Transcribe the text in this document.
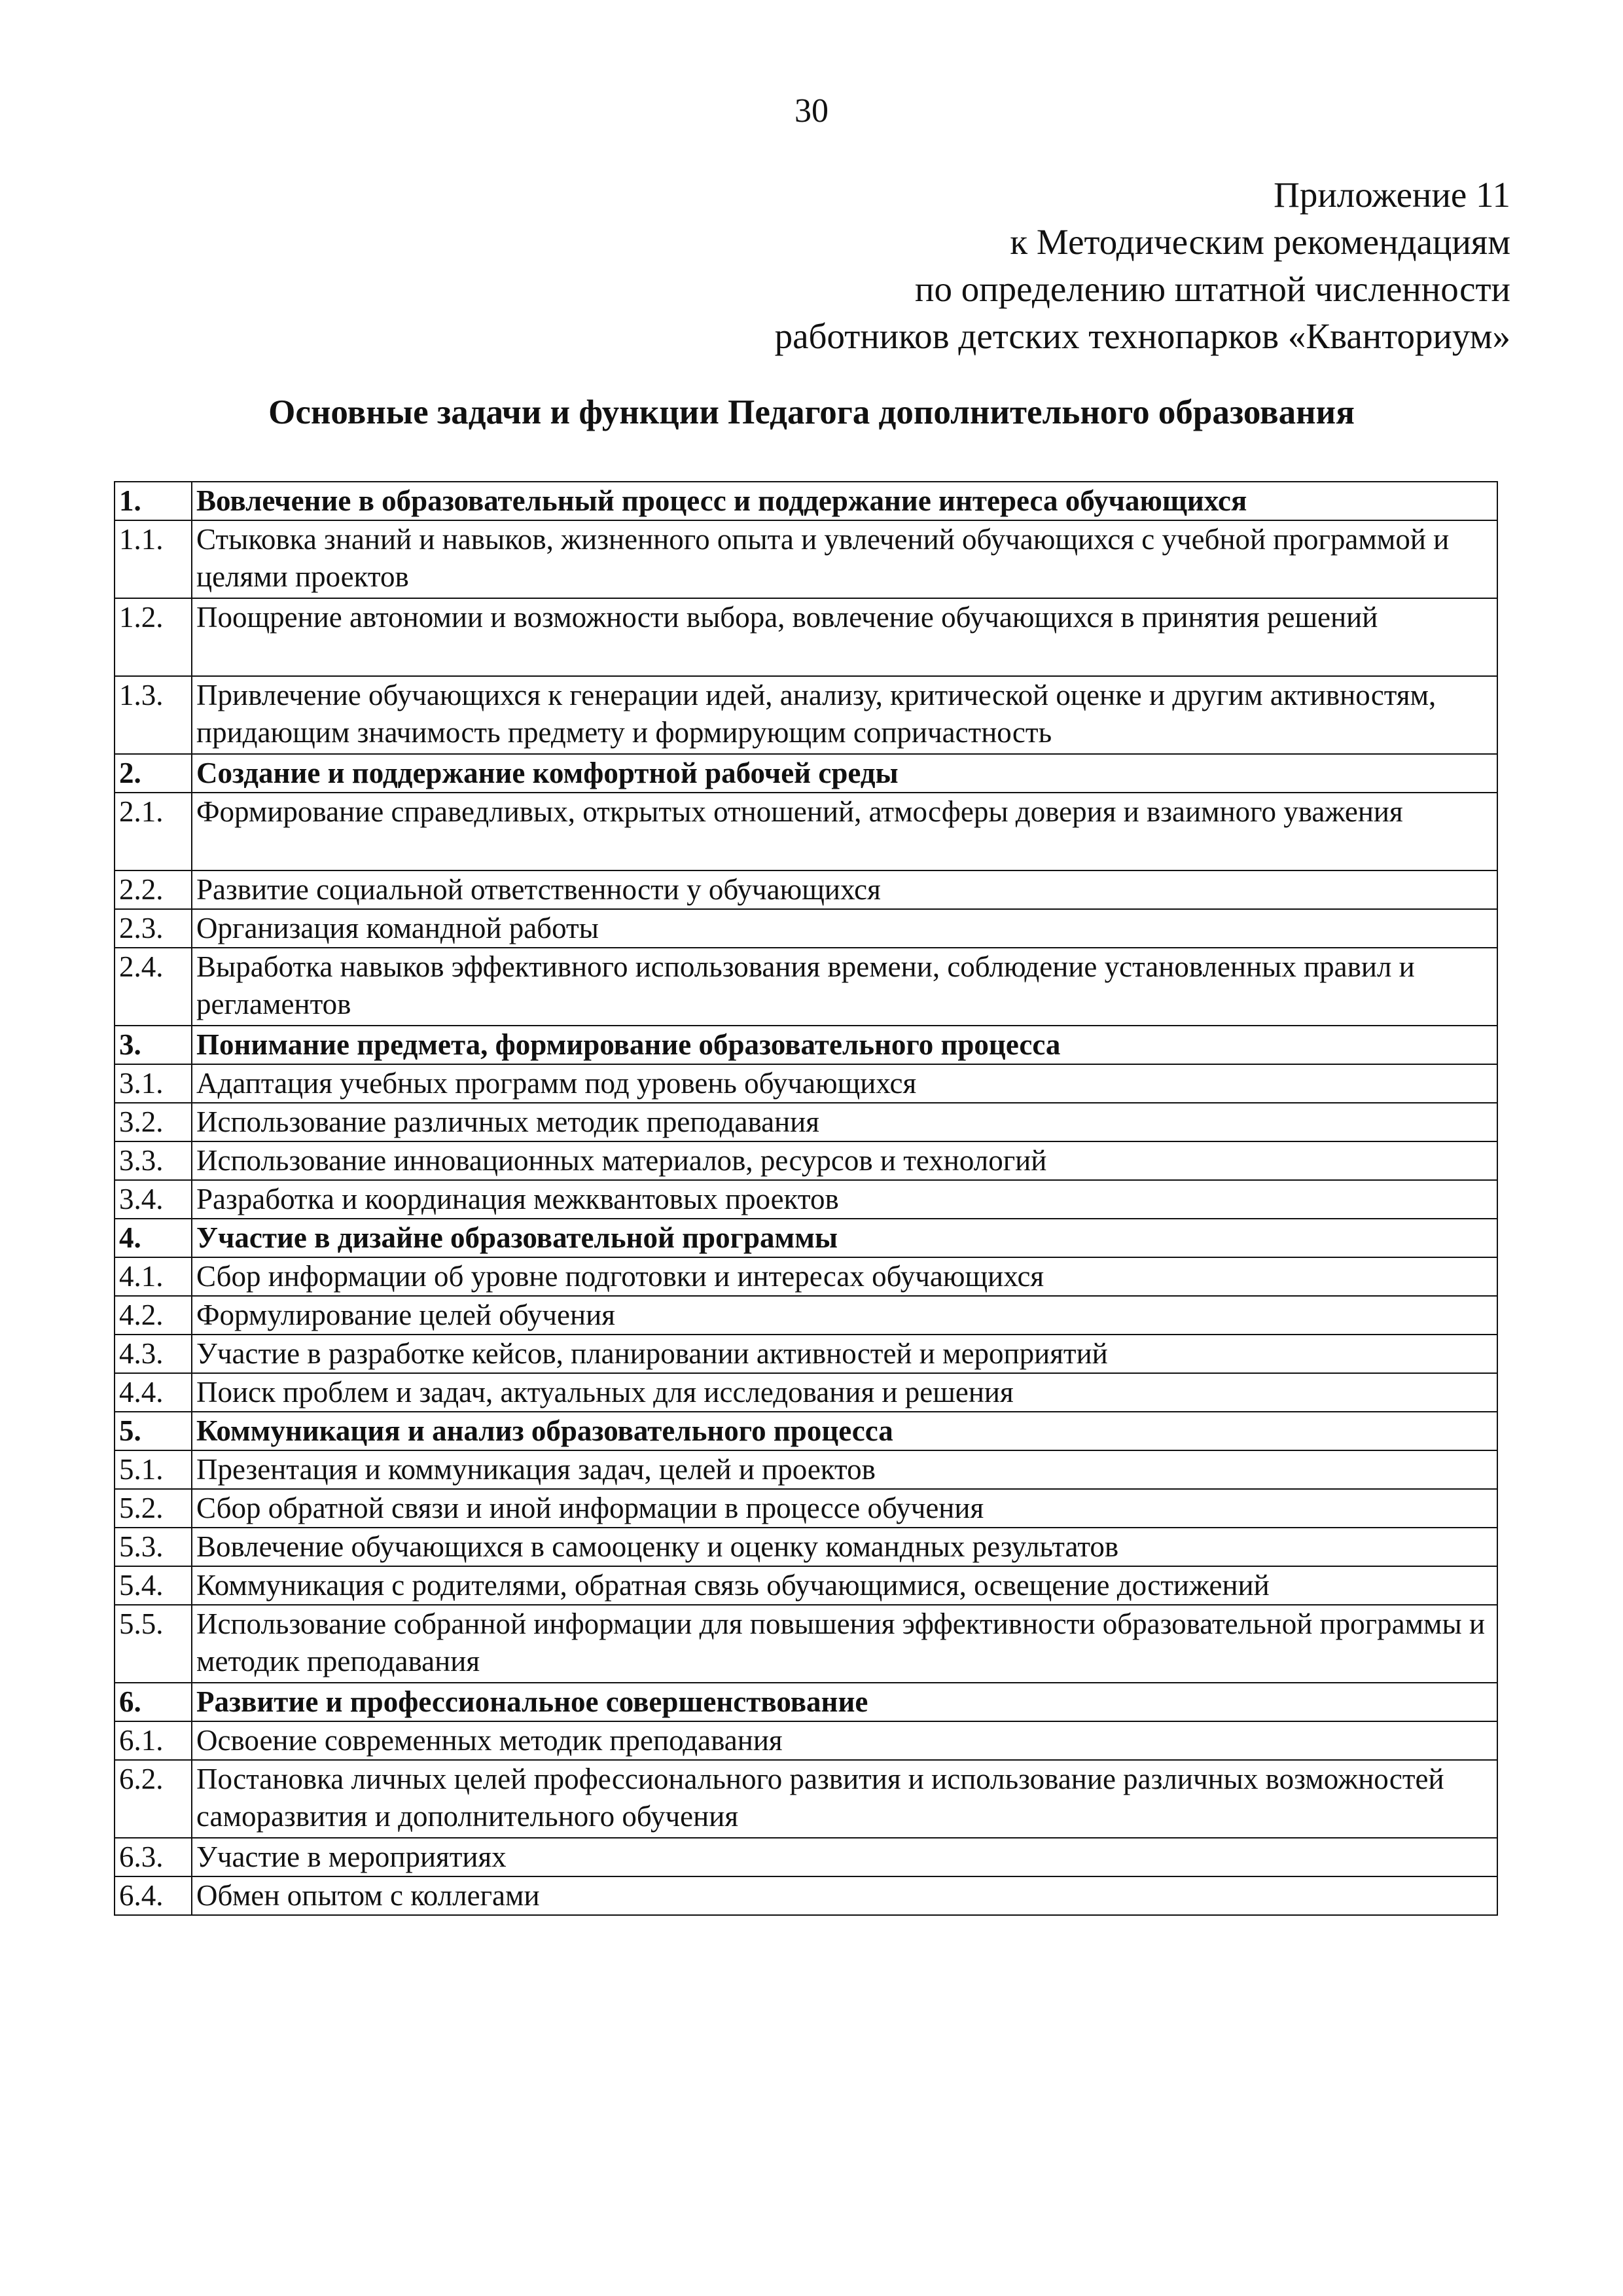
30
Приложение 11
к Методическим рекомендациям
по определению штатной численности
работников детских технопарков «Кванториум»
Основные задачи и функции Педагога дополнительного образования
1.	Вовлечение в образовательный процесс и поддержание интереса обучающихся
1.1.	Стыковка знаний и навыков, жизненного опыта и увлечений обучающихся с учебной программой и целями проектов
1.2.	Поощрение автономии и возможности выбора, вовлечение обучающихся в принятия решений
1.3.	Привлечение обучающихся к генерации идей, анализу, критической оценке и другим активностям, придающим значимость предмету и формирующим сопричастность
2.	Создание и поддержание комфортной рабочей среды
2.1.	Формирование справедливых, открытых отношений, атмосферы доверия и взаимного уважения
2.2.	Развитие социальной ответственности у обучающихся
2.3.	Организация командной работы
2.4.	Выработка навыков эффективного использования времени, соблюдение установленных правил и регламентов
3.	Понимание предмета, формирование образовательного процесса
3.1.	Адаптация учебных программ под уровень обучающихся
3.2.	Использование различных методик преподавания
3.3.	Использование инновационных материалов, ресурсов и технологий
3.4.	Разработка и координация межквантовых проектов
4.	Участие в дизайне образовательной программы
4.1.	Сбор информации об уровне подготовки и интересах обучающихся
4.2.	Формулирование целей обучения
4.3.	Участие в разработке кейсов, планировании активностей и мероприятий
4.4.	Поиск проблем и задач, актуальных для исследования и решения
5.	Коммуникация и анализ образовательного процесса
5.1.	Презентация и коммуникация задач, целей и проектов
5.2.	Сбор обратной связи и иной информации в процессе обучения
5.3.	Вовлечение обучающихся в самооценку и оценку командных результатов
5.4.	Коммуникация с родителями, обратная связь обучающимися, освещение достижений
5.5.	Использование собранной информации для повышения эффективности образовательной программы и методик преподавания
6.	Развитие и профессиональное совершенствование
6.1.	Освоение современных методик преподавания
6.2.	Постановка личных целей профессионального развития и использование различных возможностей саморазвития и дополнительного обучения
6.3.	Участие в мероприятиях
6.4.	Обмен опытом с коллегами
